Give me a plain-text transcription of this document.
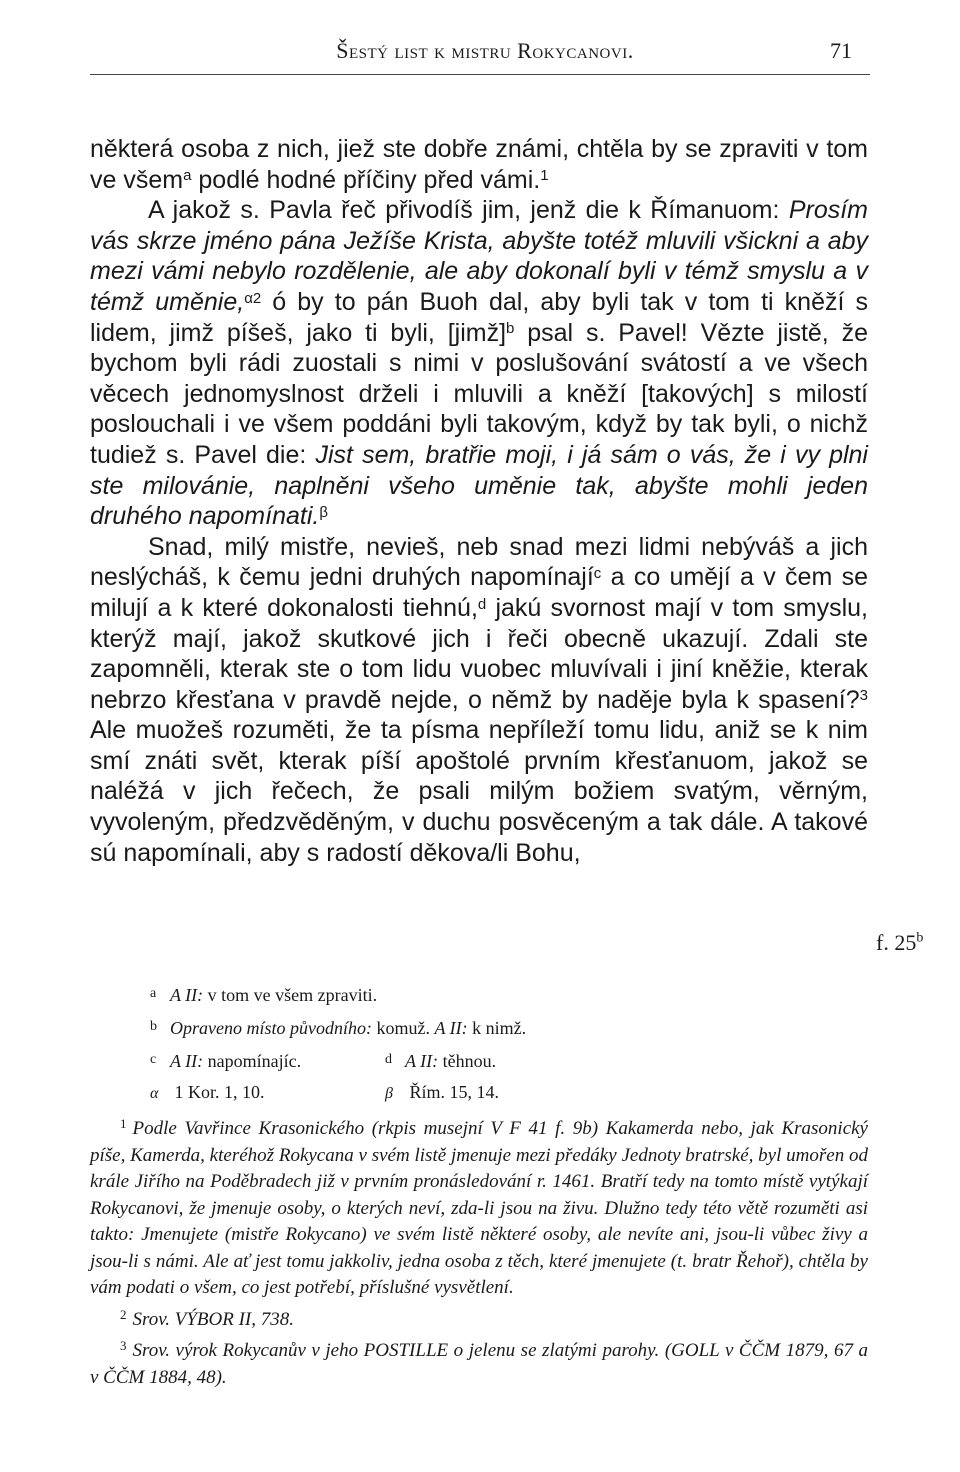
Šestý list k mistru Rokycanovi.	71

některá osoba z nich, jiež ste dobře známi, chtěla by se zpraviti v tom ve všem$^a$ podlé hodné příčiny před vámi.$^1$

A jakož s. Pavla řeč přivodíš jim, jenž die k Římanuom: Prosím vás skrze jméno pána Ježíše Krista, abyšte totéž mluvili všickni a aby mezi vámi nebylo rozdělenie, ale aby dokonalí byli v témž smyslu a v témž uměnie,$^{\alpha 2}$ ó by to pán Buoh dal, aby byli tak v tom ti kněží s lidem, jimž píšeš, jako ti byli, [jimž]$^b$ psal s. Pavel! Vězte jistě, že bychom byli rádi zuostali s nimi v poslušování svátostí a ve všech věcech jednomyslnost drželi i mluvili a kněží [takových] s milostí poslouchali i ve všem poddáni byli takovým, když by tak byli, o nichž tudiež s. Pavel die: Jist sem, bratřie moji, i já sám o vás, že i vy plni ste milovánie, naplněni všeho uměnie tak, abyšte mohli jeden druhého napomínati.$^\beta$

Snad, milý mistře, nevieš, neb snad mezi lidmi nebýváš a jich neslýcháš, k čemu jedni druhých napomínají$^c$ a co umějí a v čem se milují a k které dokonalosti tiehnú,$^d$ jakú svornost mají v tom smyslu, kterýž mají, jakož skutkové jich i řeči obecně ukazují. Zdali ste zapomněli, kterak ste o tom lidu vuobec mluvívali i jiní kněžie, kterak nebrzo křesťana v pravdě nejde, o němž by naděje byla k spasení?$^3$ Ale muožeš rozuměti, že ta písma nepříleží tomu lidu, aniž se k nim smí znáti svět, kterak píší apoštolé prvním křesťanuom, jakož se naléžá v jich řečech, že psali milým božiem svatým, věrným, vyvoleným, předzvěděným, v duchu posvěceným a tak dále. A takové sú napomínali, aby s radostí děkova/li Bohu,

f. 25$^b$
a A II: v tom ve všem zpraviti.
b Opraveno místo původního: komuž. A II: k nimž.
c A II: napomínajíc.	d A II: těhnou.
α 1 Kor. 1, 10.	β Řím. 15, 14.

$^1$ Podle Vavřince Krasonického (rkpis musejní V F 41 f. 9b) Kakamerda nebo, jak Krasonický píše, Kamerda, kteréhož Rokycana v svém listě jmenuje mezi předáky Jednoty bratrské, byl umořen od krále Jiřího na Poděbradech již v prvním pronásledování r. 1461. Bratří tedy na tomto místě vytýkají Rokycanovi, že jmenuje osoby, o kterých neví, zda-li jsou na živu. Dlužno tedy této větě rozuměti asi takto: Jmenujete (mistře Rokycano) ve svém listě některé osoby, ale nevíte ani, jsou-li vůbec živy a jsou-li s námi. Ale ať jest tomu jakkoliv, jedna osoba z těch, které jmenujete (t. bratr Řehoř), chtěla by vám podati o všem, co jest potřebí, příslušné vysvětlení.

$^2$ Srov. VÝBOR II, 738.

$^3$ Srov. výrok Rokycanův v jeho POSTILLE o jelenu se zlatými parohy. (GOLL v ČČM 1879, 67 a v ČČM 1884, 48).
